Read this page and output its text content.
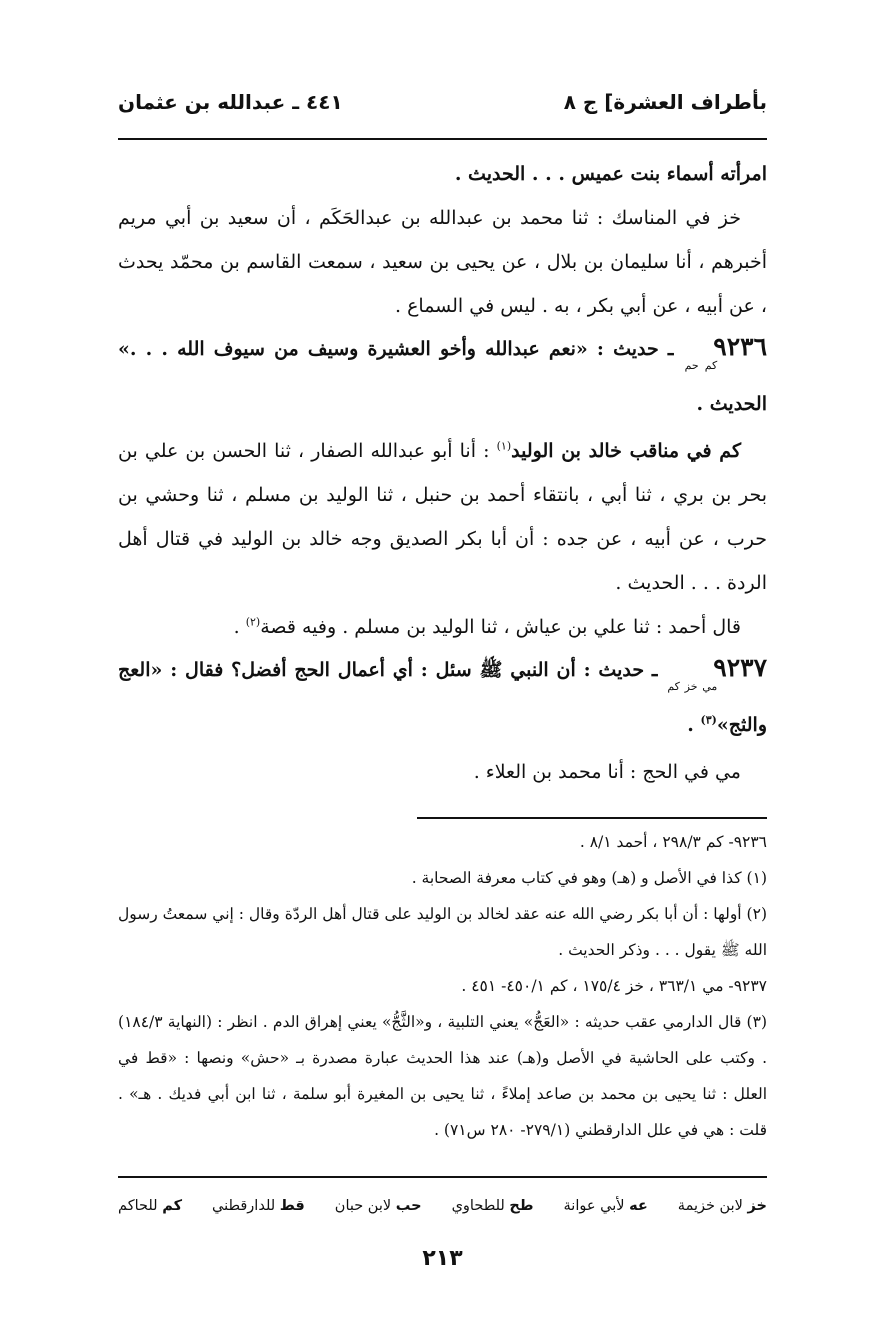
بأطراف العشرة] ج ٨
٤٤١ ـ عبدالله بن عثمان

امرأته أسماء بنت عميس . . . الحديث .

خز في المناسك : ثنا محمد بن عبدالله بن عبدالحَكَم ، أن سعيد بن أبي مريم أخبرهم ، أنا سليمان بن بلال ، عن يحيى بن سعيد ، سمعت القاسم بن محمّد يحدث ، عن أبيه ، عن أبي بكر ، به . ليس في السماع .

$٩٢٣٦_{كم حم}$ ـ حديث : «نعم عبدالله وأخو العشيرة وسيف من سيوف الله . . .» الحديث .

كم في مناقب خالد بن الوليد$^{(١)}$ : أنا أبو عبدالله الصفار ، ثنا الحسن بن علي بن بحر بن بري ، ثنا أبي ، بانتقاء أحمد بن حنبل ، ثنا الوليد بن مسلم ، ثنا وحشي بن حرب ، عن أبيه ، عن جده : أن أبا بكر الصديق وجه خالد بن الوليد في قتال أهل الردة . . . الحديث .

قال أحمد : ثنا علي بن عياش ، ثنا الوليد بن مسلم . وفيه قصة$^{(٢)}$ .

$٩٢٣٧_{مي خز كم}$ ـ حديث : أن النبي ﷺ سئل : أي أعمال الحج أفضل؟ فقال : «العج والثج»$^{(٣)}$ .

مي في الحج : أنا محمد بن العلاء .

٩٢٣٦- كم ٢٩٨/٣ ، أحمد ٨/١ .

(١) كذا في الأصل و (هـ) وهو في كتاب معرفة الصحابة .

(٢) أولها : أن أبا بكر رضي الله عنه عقد لخالد بن الوليد على قتال أهل الردّة وقال : إني سمعتُ رسول الله ﷺ يقول . . . وذكر الحديث .

٩٢٣٧- مي ٣٦٣/١ ، خز ١٧٥/٤ ، كم ٤٥٠/١- ٤٥١ .

(٣) قال الدارمي عقب حديثه : «العَجُّ» يعني التلبية ، و«الثَّجُّ» يعني إهراق الدم . انظر : (النهاية ١٨٤/٣) . وكتب على الحاشية في الأصل و(هـ) عند هذا الحديث عبارة مصدرة بـ «حش» ونصها : «قط في العلل : ثنا يحيى بن محمد بن صاعد إملاءً ، ثنا يحيى بن المغيرة أبو سلمة ، ثنا ابن أبي فديك . هـ» . قلت : هي في علل الدارقطني (٢٧٩/١- ٢٨٠ س٧١) .

خز لابن خزيمة
عه لأبي عوانة
طح للطحاوي
حب لابن حبان
قط للدارقطني
كم للحاكم
٢١٣
